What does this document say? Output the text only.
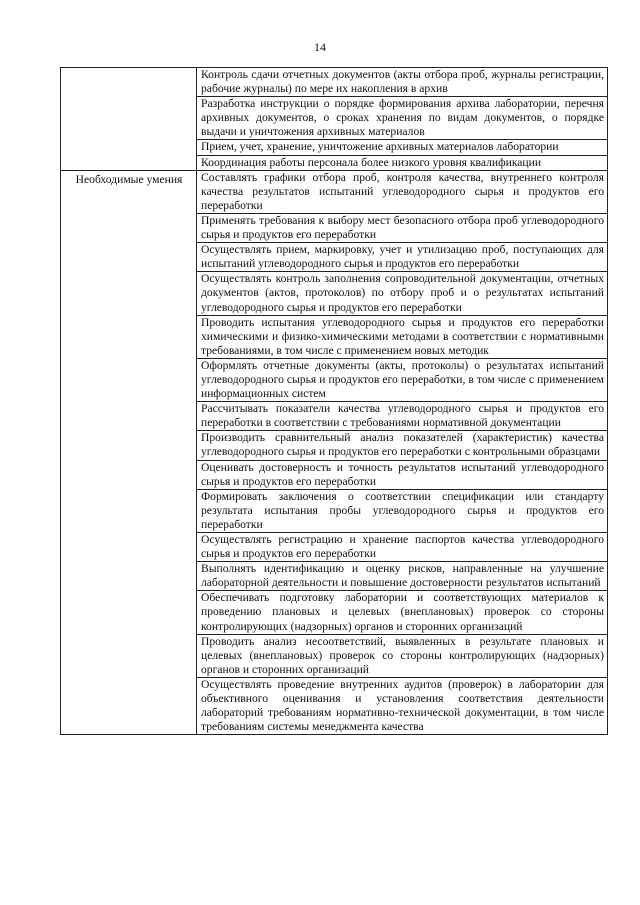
14
	Контроль сдачи отчетных документов (акты отбора проб, журналы регистрации, рабочие журналы) по мере их накопления в архив
	Разработка инструкции о порядке формирования архива лаборатории, перечня архивных документов, о сроках хранения по видам документов, о порядке выдачи и уничтожения архивных материалов
	Прием, учет, хранение, уничтожение архивных материалов лаборатории
	Координация работы персонала более низкого уровня квалификации
Необходимые умения	Составлять графики отбора проб, контроля качества, внутреннего контроля качества результатов испытаний углеводородного сырья и продуктов его переработки
	Применять требования к выбору мест безопасного отбора проб углеводородного сырья и продуктов его переработки
	Осуществлять прием, маркировку, учет и утилизацию проб, поступающих для испытаний углеводородного сырья и продуктов его переработки
	Осуществлять контроль заполнения сопроводительной документации, отчетных документов (актов, протоколов) по отбору проб и о результатах испытаний углеводородного сырья и продуктов его переработки
	Проводить испытания углеводородного сырья и продуктов его переработки химическими и физико-химическими методами в соответствии с нормативными требованиями, в том числе с применением новых методик
	Оформлять отчетные документы (акты, протоколы) о результатах испытаний углеводородного сырья и продуктов его переработки, в том числе с применением информационных систем
	Рассчитывать показатели качества углеводородного сырья и продуктов его переработки в соответствии с требованиями нормативной документации
	Производить сравнительный анализ показателей (характеристик) качества углеводородного сырья и продуктов его переработки с контрольными образцами
	Оценивать достоверность и точность результатов испытаний углеводородного сырья и продуктов его переработки
	Формировать заключения о соответствии спецификации или стандарту результата испытания пробы углеводородного сырья и продуктов его переработки
	Осуществлять регистрацию и хранение паспортов качества углеводородного сырья и продуктов его переработки
	Выполнять идентификацию и оценку рисков, направленные на улучшение лабораторной деятельности и повышение достоверности результатов испытаний
	Обеспечивать подготовку лаборатории и соответствующих материалов к проведению плановых и целевых (внеплановых) проверок со стороны контролирующих (надзорных) органов и сторонних организаций
	Проводить анализ несоответствий, выявленных в результате плановых и целевых (внеплановых) проверок со стороны контролирующих (надзорных) органов и сторонних организаций
	Осуществлять проведение внутренних аудитов (проверок) в лаборатории для объективного оценивания и установления соответствия деятельности лабораторий требованиям нормативно-технической документации, в том числе требованиям системы менеджмента качества
